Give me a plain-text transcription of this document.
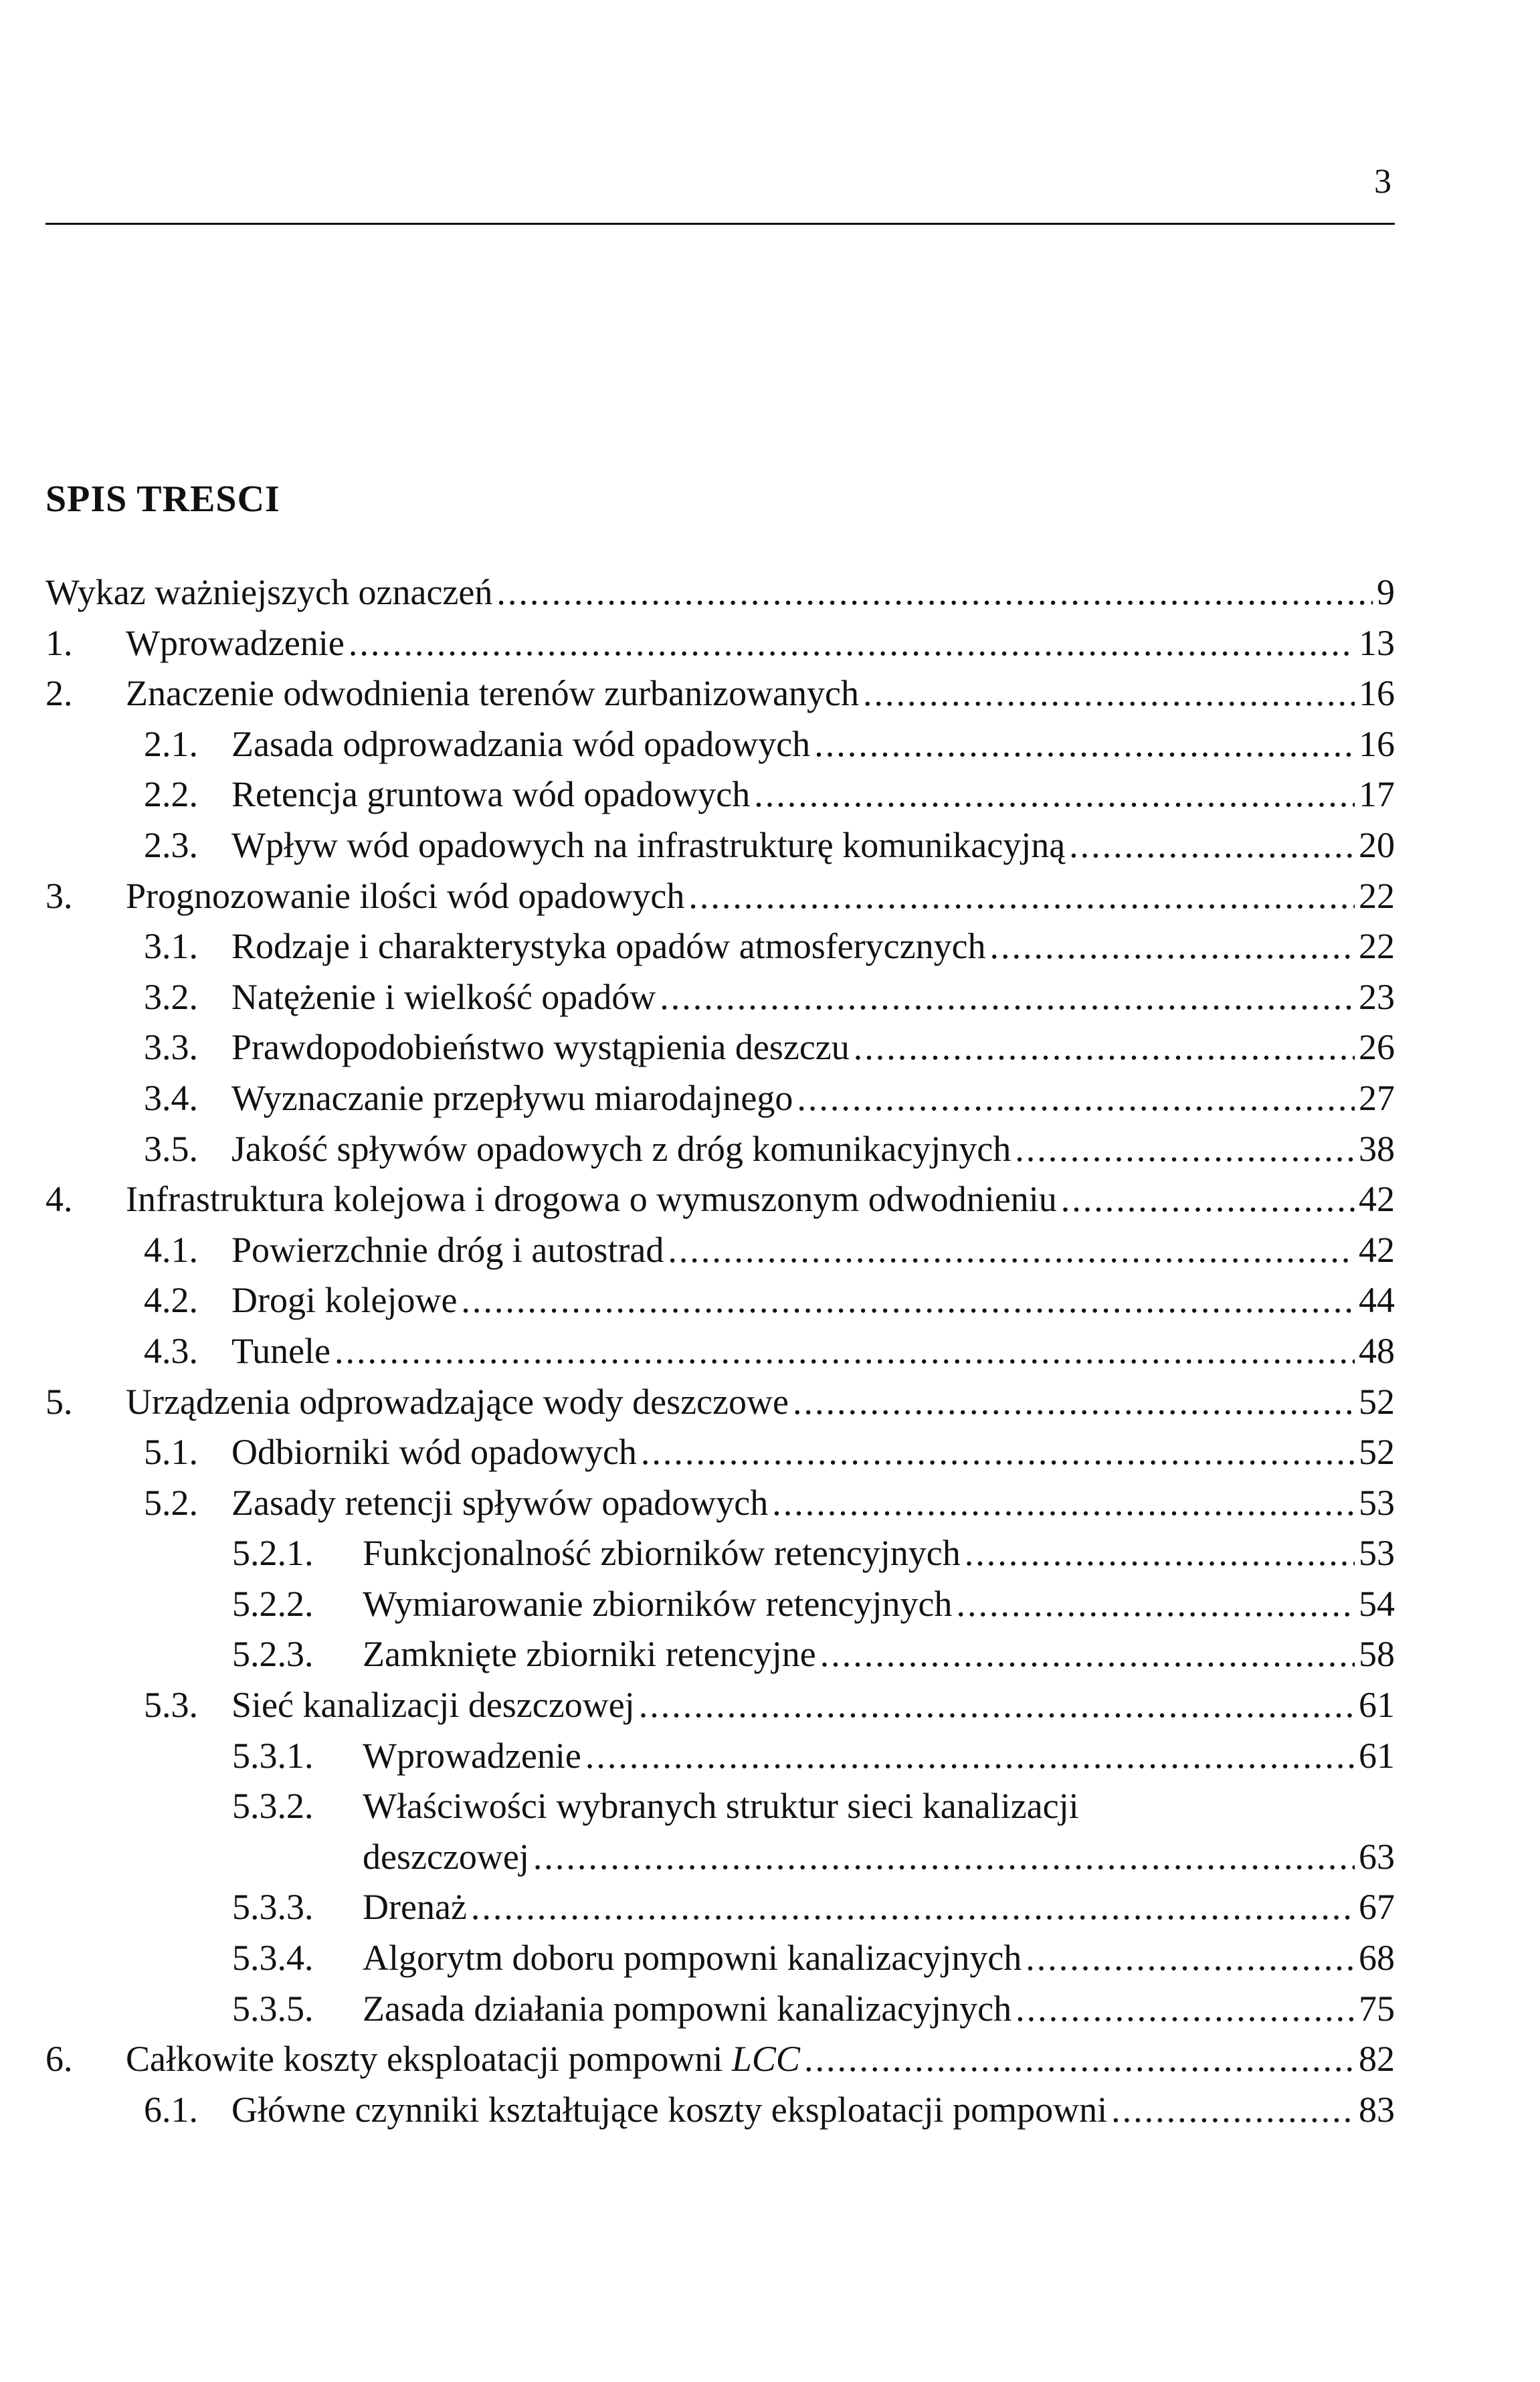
3
SPIS TRESCI
Wykaz ważniejszych oznaczeń .....	9
1. Wprowadzenie .....	13
2. Znaczenie odwodnienia terenów zurbanizowanych .....	16
2.1. Zasada odprowadzania wód opadowych .....	16
2.2. Retencja gruntowa wód opadowych .....	17
2.3. Wpływ wód opadowych na infrastrukturę komunikacyjną .....	20
3. Prognozowanie ilości wód opadowych .....	22
3.1. Rodzaje i charakterystyka opadów atmosferycznych .....	22
3.2. Natężenie i wielkość opadów .....	23
3.3. Prawdopodobieństwo wystąpienia deszczu .....	26
3.4. Wyznaczanie przepływu miarodajnego .....	27
3.5. Jakość spływów opadowych z dróg komunikacyjnych .....	38
4. Infrastruktura kolejowa i drogowa o wymuszonym odwodnieniu .....	42
4.1. Powierzchnie dróg i autostrad .....	42
4.2. Drogi kolejowe .....	44
4.3. Tunele .....	48
5. Urządzenia odprowadzające wody deszczowe .....	52
5.1. Odbiorniki wód opadowych .....	52
5.2. Zasady retencji spływów opadowych .....	53
5.2.1. Funkcjonalność zbiorników retencyjnych .....	53
5.2.2. Wymiarowanie zbiorników retencyjnych .....	54
5.2.3. Zamknięte zbiorniki retencyjne .....	58
5.3. Sieć kanalizacji deszczowej .....	61
5.3.1. Wprowadzenie .....	61
5.3.2. Właściwości wybranych struktur sieci kanalizacji
deszczowej .....	63
5.3.3. Drenaż .....	67
5.3.4. Algorytm doboru pompowni kanalizacyjnych .....	68
5.3.5. Zasada działania pompowni kanalizacyjnych .....	75
6. Całkowite koszty eksploatacji pompowni LCC .....	82
6.1. Główne czynniki kształtujące koszty eksploatacji pompowni .....	83
